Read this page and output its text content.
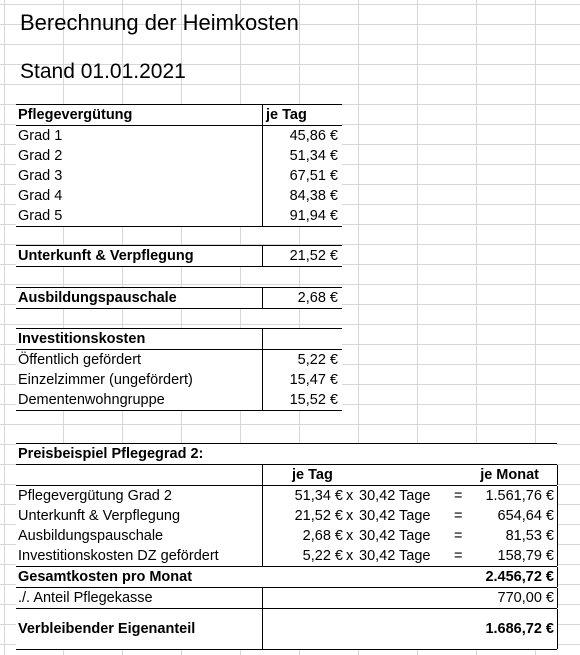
Berechnung der Heimkosten
Stand 01.01.2021
Pflegevergütung	je Tag
Grad 1	45,86 €
Grad 2	51,34 €
Grad 3	67,51 €
Grad 4	84,38 €
Grad 5	91,94 €
Unterkunft & Verpflegung	21,52 €
Ausbildungspauschale	2,68 €
Investitionskosten
Öffentlich gefördert	5,22 €
Einzelzimmer (ungefördert)	15,47 €
Dementenwohngruppe	15,52 €
Preisbeispiel Pflegegrad 2:
je Tag	je Monat
Pflegevergütung Grad 2	51,34 € x 30,42 Tage = 1.561,76 €
Unterkunft & Verpflegung	21,52 € x 30,42 Tage = 654,64 €
Ausbildungspauschale	2,68 € x 30,42 Tage =	81,53 €
Investitionskosten DZ gefördert	5,22 € x 30,42 Tage = 158,79 €
Gesamtkosten pro Monat	2.456,72 €
./. Anteil Pflegekasse	770,00 €
Verbleibender Eigenanteil	1.686,72 €
